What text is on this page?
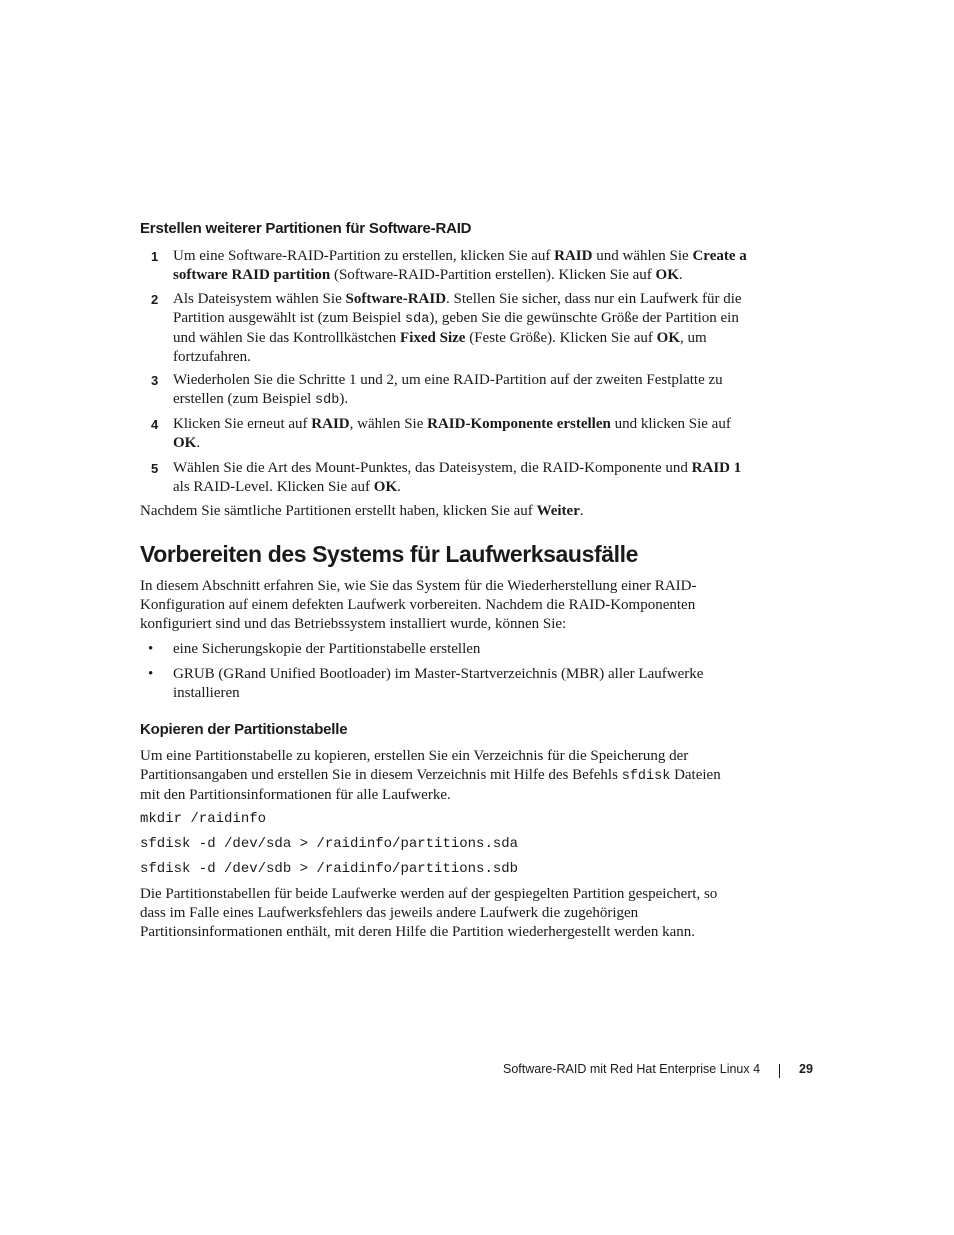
Erstellen weiterer Partitionen für Software-RAID
1 Um eine Software-RAID-Partition zu erstellen, klicken Sie auf RAID und wählen Sie Create a software RAID partition (Software-RAID-Partition erstellen). Klicken Sie auf OK.
2 Als Dateisystem wählen Sie Software-RAID. Stellen Sie sicher, dass nur ein Laufwerk für die Partition ausgewählt ist (zum Beispiel sda), geben Sie die gewünschte Größe der Partition ein und wählen Sie das Kontrollkästchen Fixed Size (Feste Größe). Klicken Sie auf OK, um fortzufahren.
3 Wiederholen Sie die Schritte 1 und 2, um eine RAID-Partition auf der zweiten Festplatte zu erstellen (zum Beispiel sdb).
4 Klicken Sie erneut auf RAID, wählen Sie RAID-Komponente erstellen und klicken Sie auf OK.
5 Wählen Sie die Art des Mount-Punktes, das Dateisystem, die RAID-Komponente und RAID 1 als RAID-Level. Klicken Sie auf OK.

Nachdem Sie sämtliche Partitionen erstellt haben, klicken Sie auf Weiter.

Vorbereiten des Systems für Laufwerksausfälle

In diesem Abschnitt erfahren Sie, wie Sie das System für die Wiederherstellung einer RAID-Konfiguration auf einem defekten Laufwerk vorbereiten. Nachdem die RAID-Komponenten konfiguriert sind und das Betriebssystem installiert wurde, können Sie:

• eine Sicherungskopie der Partitionstabelle erstellen
• GRUB (GRand Unified Bootloader) im Master-Startverzeichnis (MBR) aller Laufwerke installieren
Kopieren der Partitionstabelle

Um eine Partitionstabelle zu kopieren, erstellen Sie ein Verzeichnis für die Speicherung der Partitionsangaben und erstellen Sie in diesem Verzeichnis mit Hilfe des Befehls sfdisk Dateien mit den Partitionsinformationen für alle Laufwerke.

mkdir /raidinfo
sfdisk -d /dev/sda > /raidinfo/partitions.sda
sfdisk -d /dev/sdb > /raidinfo/partitions.sdb

Die Partitionstabellen für beide Laufwerke werden auf der gespiegelten Partition gespeichert, so dass im Falle eines Laufwerksfehlers das jeweils andere Laufwerk die zugehörigen Partitionsinformationen enthält, mit deren Hilfe die Partition wiederhergestellt werden kann.

Software-RAID mit Red Hat Enterprise Linux 4	29
